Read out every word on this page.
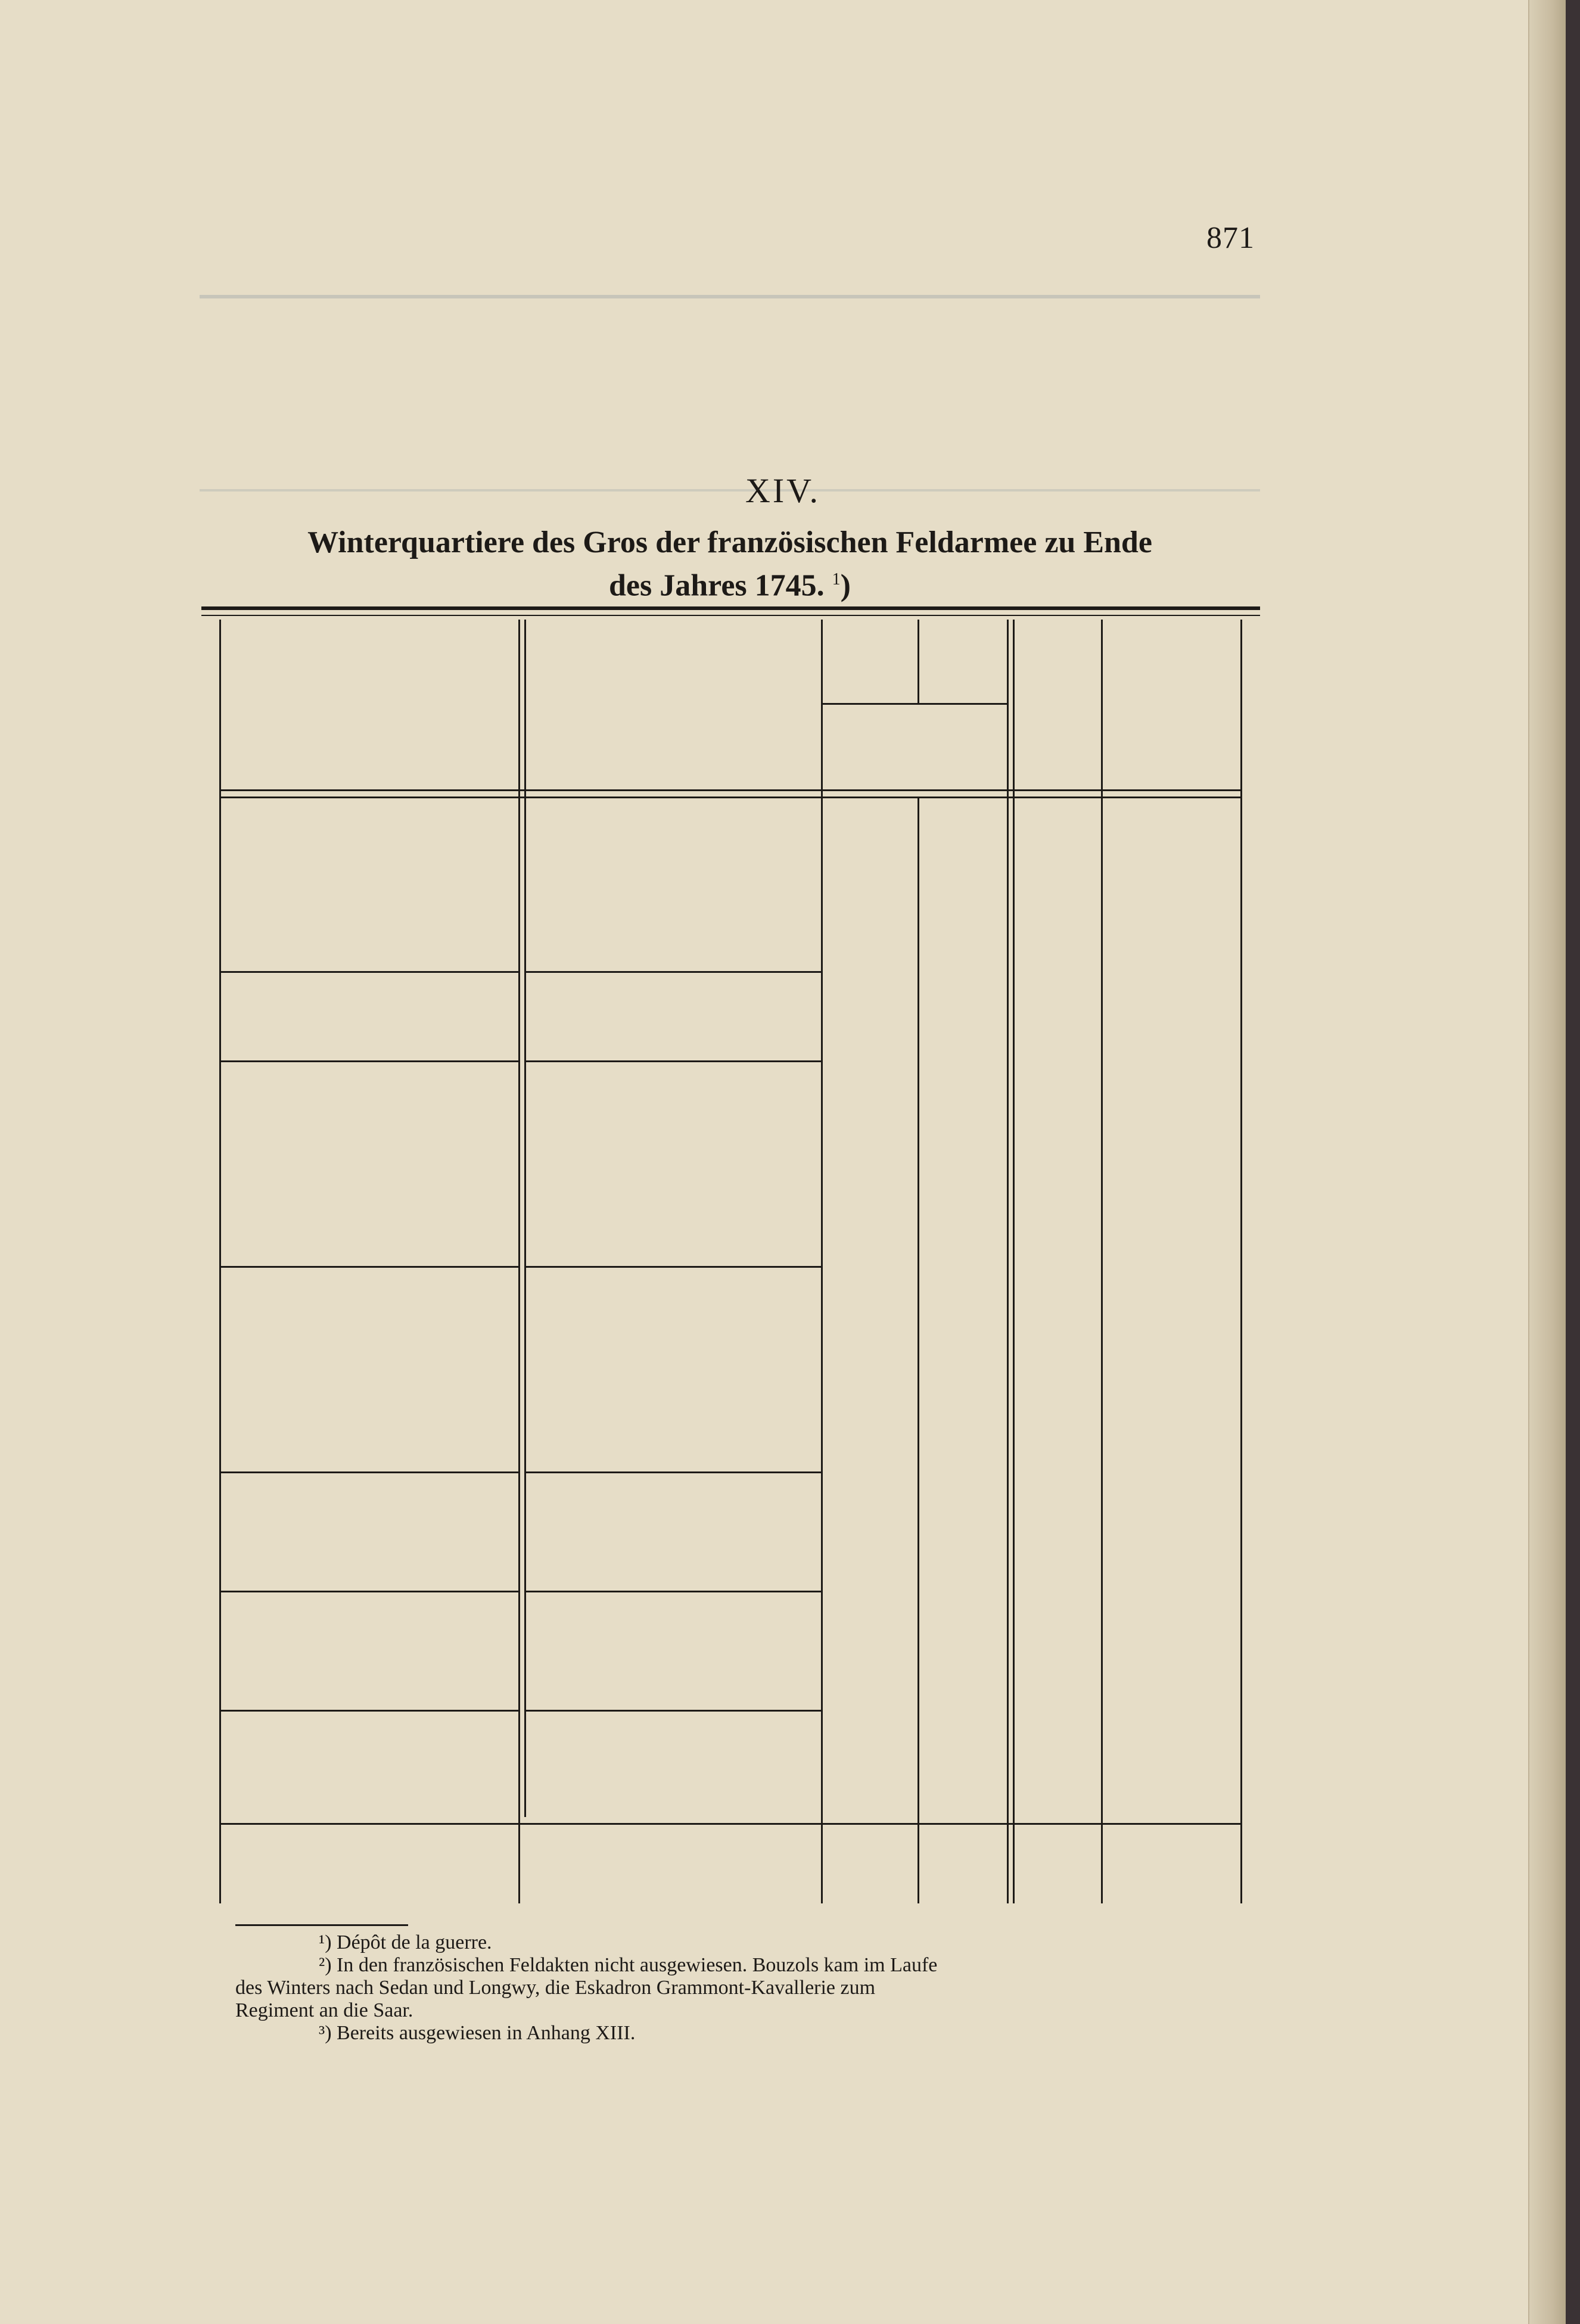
871
XIV.
Winterquartiere des Gros der französischen Feldarmee zu Ende
des Jahres 1745. $^1$)
¹) Dépôt de la guerre.
²) In den französischen Feldakten nicht ausgewiesen. Bouzols kam im Laufe
des Winters nach Sedan und Longwy, die Eskadron Grammont-Kavallerie zum
Regiment an die Saar.
³) Bereits ausgewiesen in Anhang XIII.
